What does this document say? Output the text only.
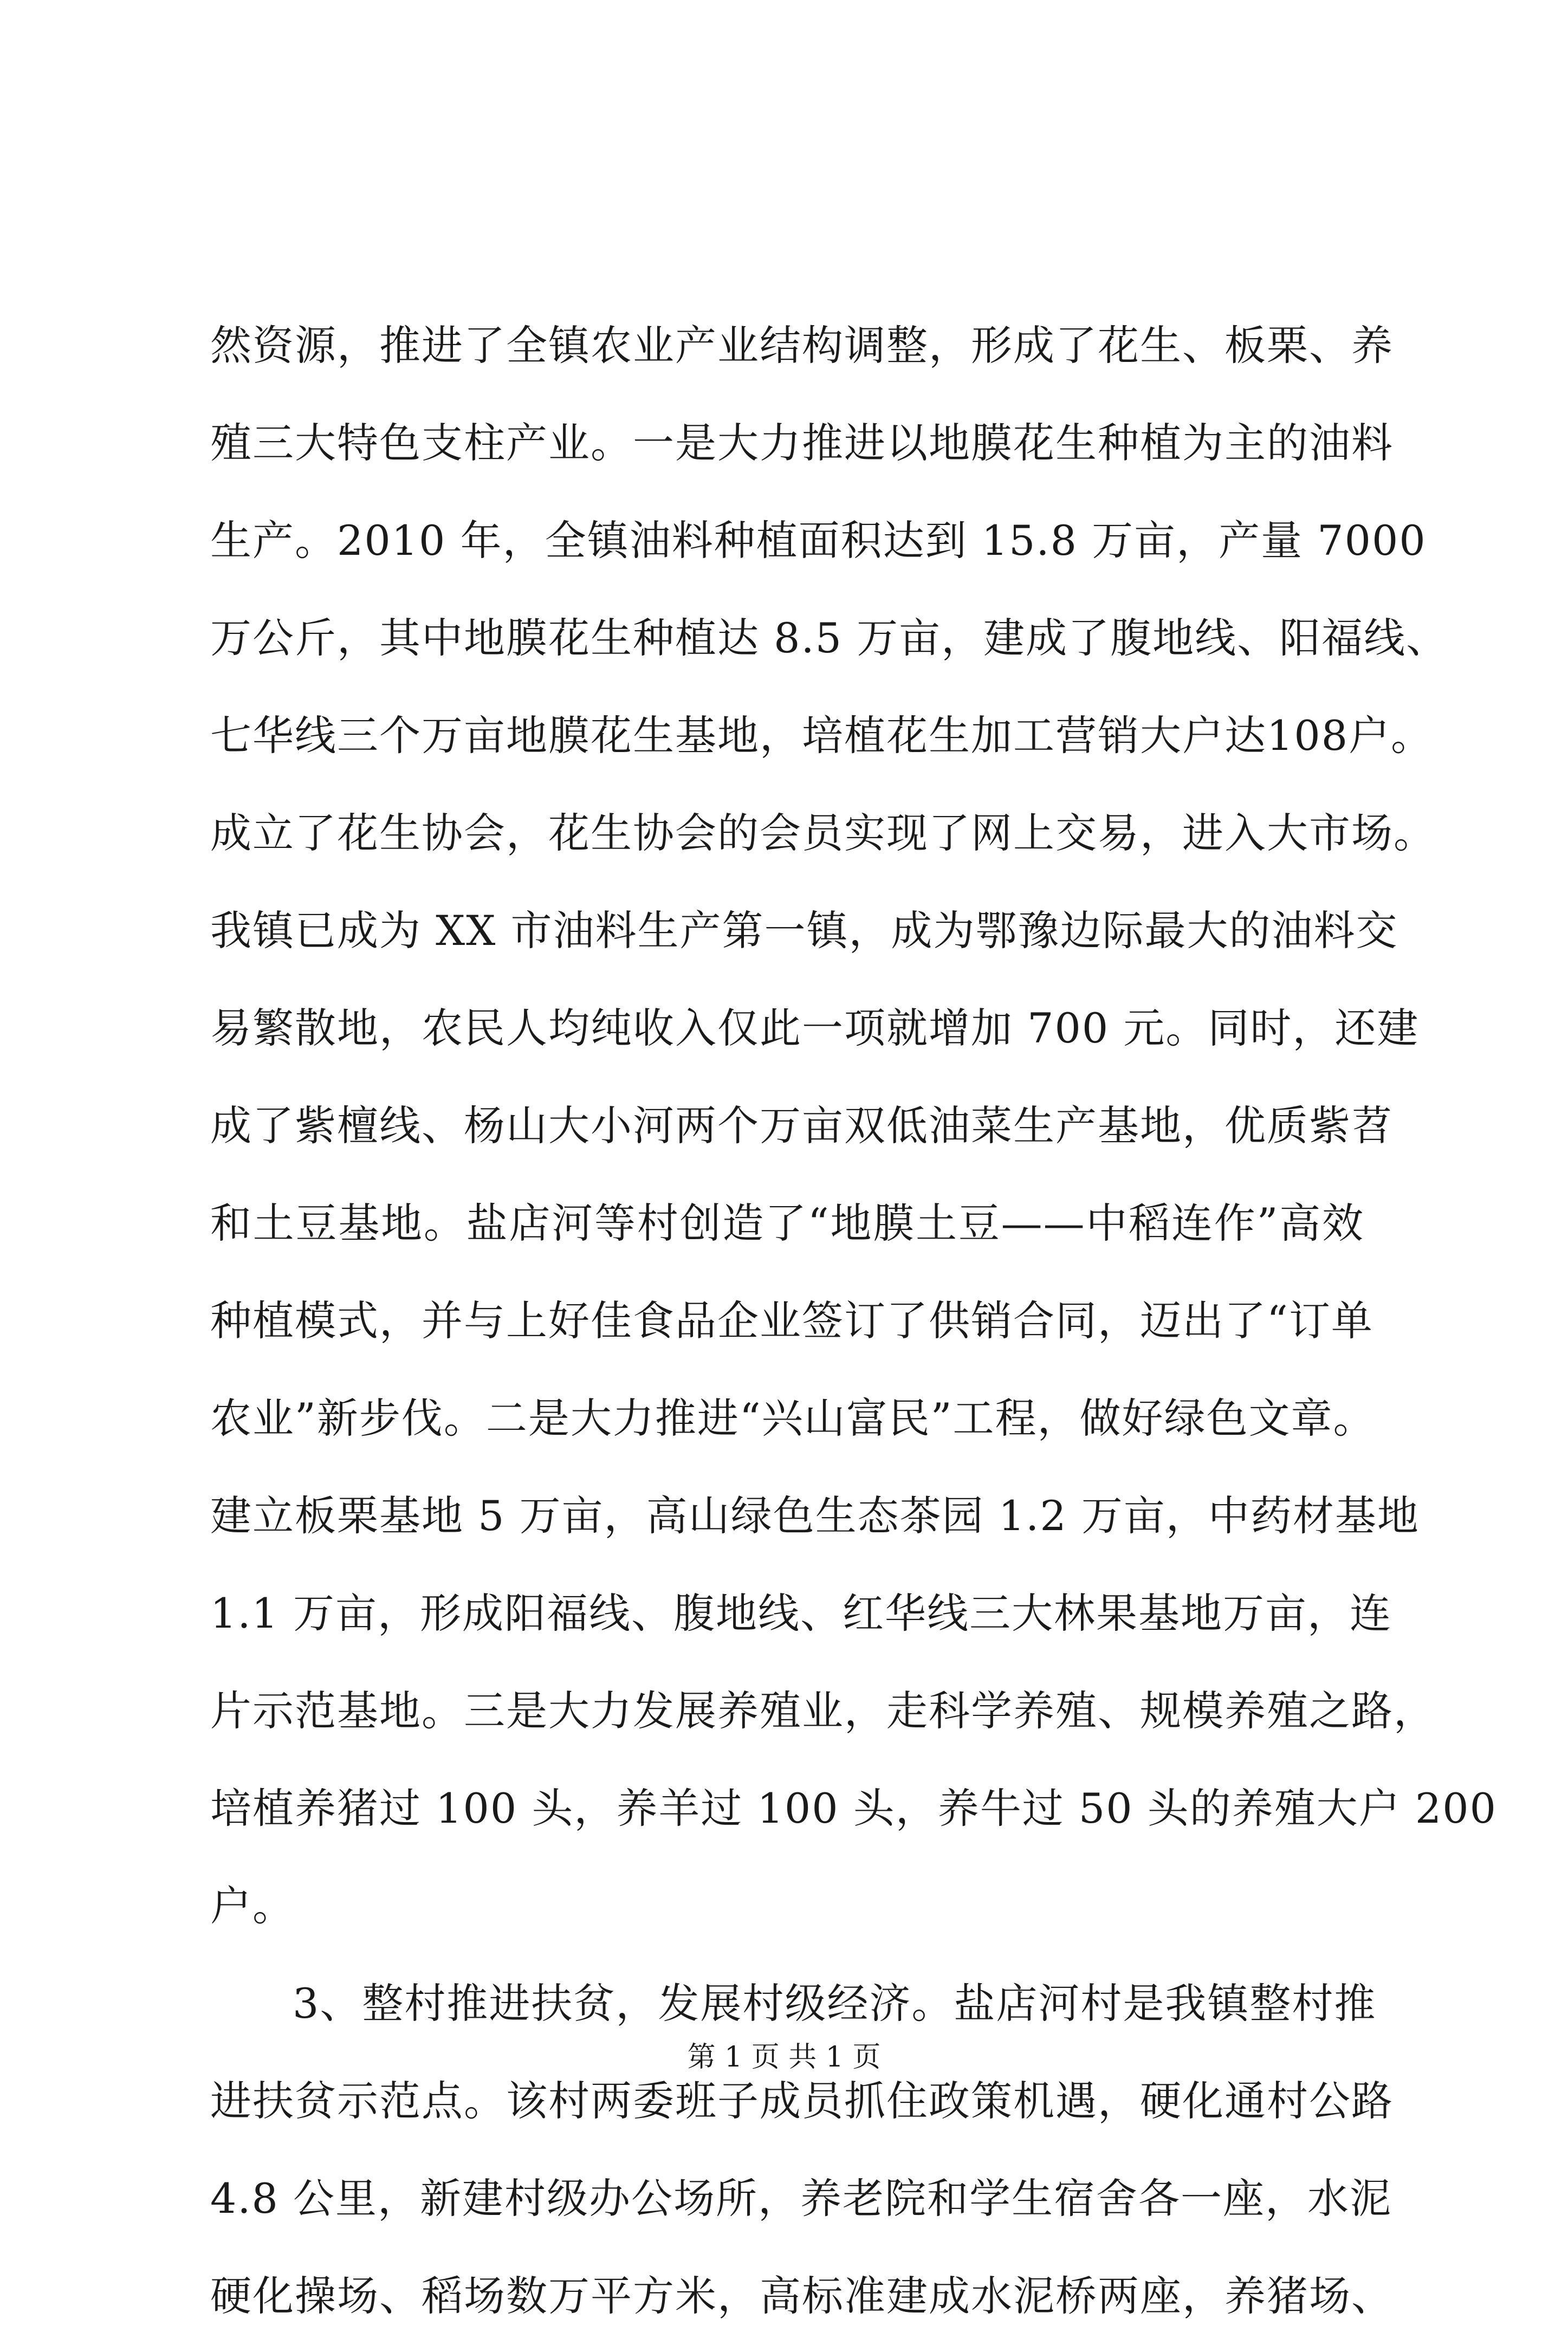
然资源，推进了全镇农业产业结构调整，形成了花生、板栗、养
殖三大特色支柱产业。一是大力推进以地膜花生种植为主的油料
生产。2010 年，全镇油料种植面积达到 15.8 万亩，产量 7000
万公斤，其中地膜花生种植达 8.5 万亩，建成了腹地线、阳福线、
七华线三个万亩地膜花生基地，培植花生加工营销大户达108户。
成立了花生协会，花生协会的会员实现了网上交易，进入大市场。
我镇已成为 XX 市油料生产第一镇，成为鄂豫边际最大的油料交
易繁散地，农民人均纯收入仅此一项就增加 700 元。同时，还建
成了紫檀线、杨山大小河两个万亩双低油菜生产基地，优质紫苕
和土豆基地。盐店河等村创造了“地膜土豆——中稻连作”高效
种植模式，并与上好佳食品企业签订了供销合同，迈出了“订单
农业”新步伐。二是大力推进“兴山富民”工程，做好绿色文章。
建立板栗基地 5 万亩，高山绿色生态茶园 1.2 万亩，中药材基地
1.1 万亩，形成阳福线、腹地线、红华线三大林果基地万亩，连
片示范基地。三是大力发展养殖业，走科学养殖、规模养殖之路，
培植养猪过 100 头，养羊过 100 头，养牛过 50 头的养殖大户 200
户。
3、整村推进扶贫，发展村级经济。盐店河村是我镇整村推
进扶贫示范点。该村两委班子成员抓住政策机遇，硬化通村公路
4.8 公里，新建村级办公场所，养老院和学生宿舍各一座，水泥
硬化操场、稻场数万平方米，高标准建成水泥桥两座，养猪场、
第 1 页 共 1 页
